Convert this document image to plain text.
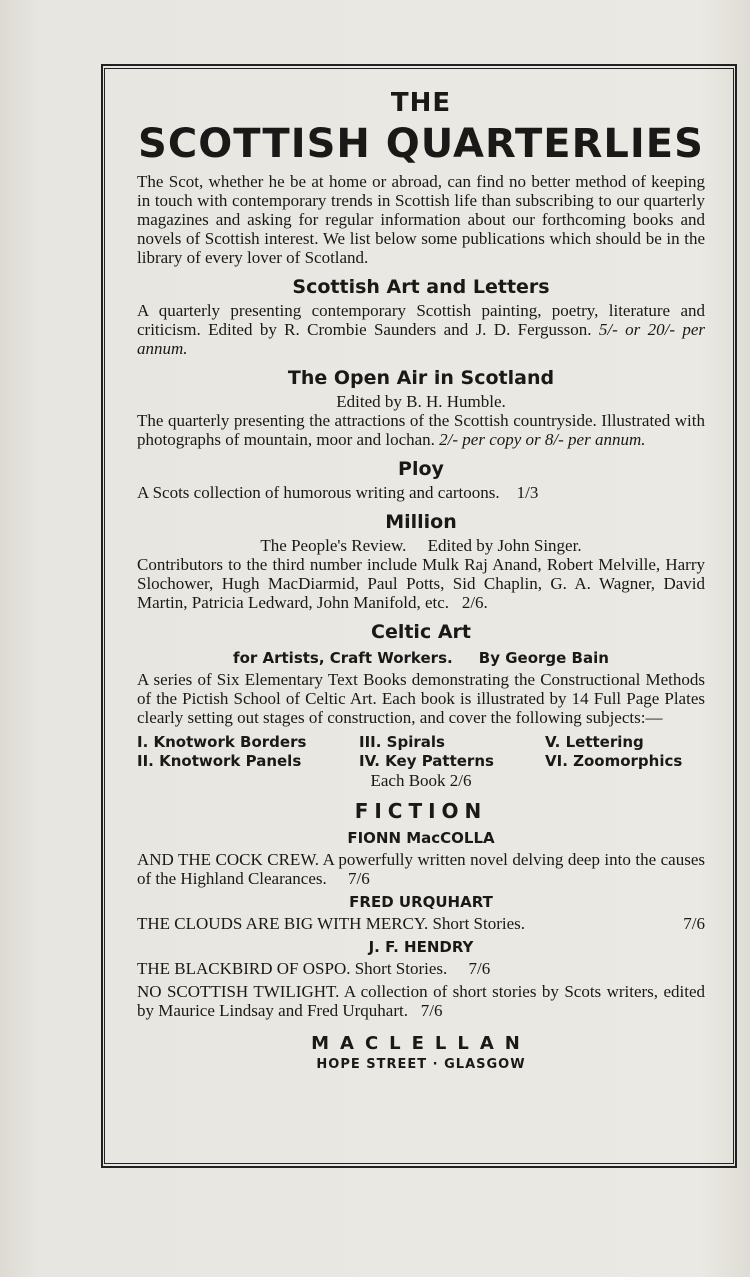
THE
SCOTTISH QUARTERLIES

The Scot, whether he be at home or abroad, can find no better method of keeping in touch with contemporary trends in Scottish life than subscribing to our quarterly magazines and asking for regular information about our forthcoming books and novels of Scottish interest. We list below some publications which should be in the library of every lover of Scotland.

Scottish Art and Letters

A quarterly presenting contemporary Scottish painting, poetry, literature and criticism. Edited by R. Crombie Saunders and J. D. Fergusson. 5/- or 20/- per annum.

The Open Air in Scotland

Edited by B. H. Humble.

The quarterly presenting the attractions of the Scottish countryside. Illustrated with photographs of mountain, moor and lochan. 2/- per copy or 8/- per annum.

Ploy

A Scots collection of humorous writing and cartoons. 1/3

Million

The People's Review.     Edited by John Singer.

Contributors to the third number include Mulk Raj Anand, Robert Melville, Harry Slochower, Hugh MacDiarmid, Paul Potts, Sid Chaplin, G. A. Wagner, David Martin, Patricia Ledward, John Manifold, etc. 2/6.

Celtic Art
for Artists, Craft Workers.     By George Bain

A series of Six Elementary Text Books demonstrating the Constructional Methods of the Pictish School of Celtic Art. Each book is illustrated by 14 Full Page Plates clearly setting out stages of construction, and cover the following subjects:—

I. Knotwork Borders	III. Spirals	V. Lettering
II. Knotwork Panels	IV. Key Patterns	VI. Zoomorphics

Each Book 2/6

FICTION
FIONN MacCOLLA

AND THE COCK CREW. A powerfully written novel delving deep into the causes of the Highland Clearances. 7/6

FRED URQUHART

THE CLOUDS ARE BIG WITH MERCY. Short Stories.	7/6

J. F. HENDRY

THE BLACKBIRD OF OSPO. Short Stories. 7/6

NO SCOTTISH TWILIGHT. A collection of short stories by Scots writers, edited by Maurice Lindsay and Fred Urquhart. 7/6

MACLELLAN
HOPE STREET · GLASGOW
